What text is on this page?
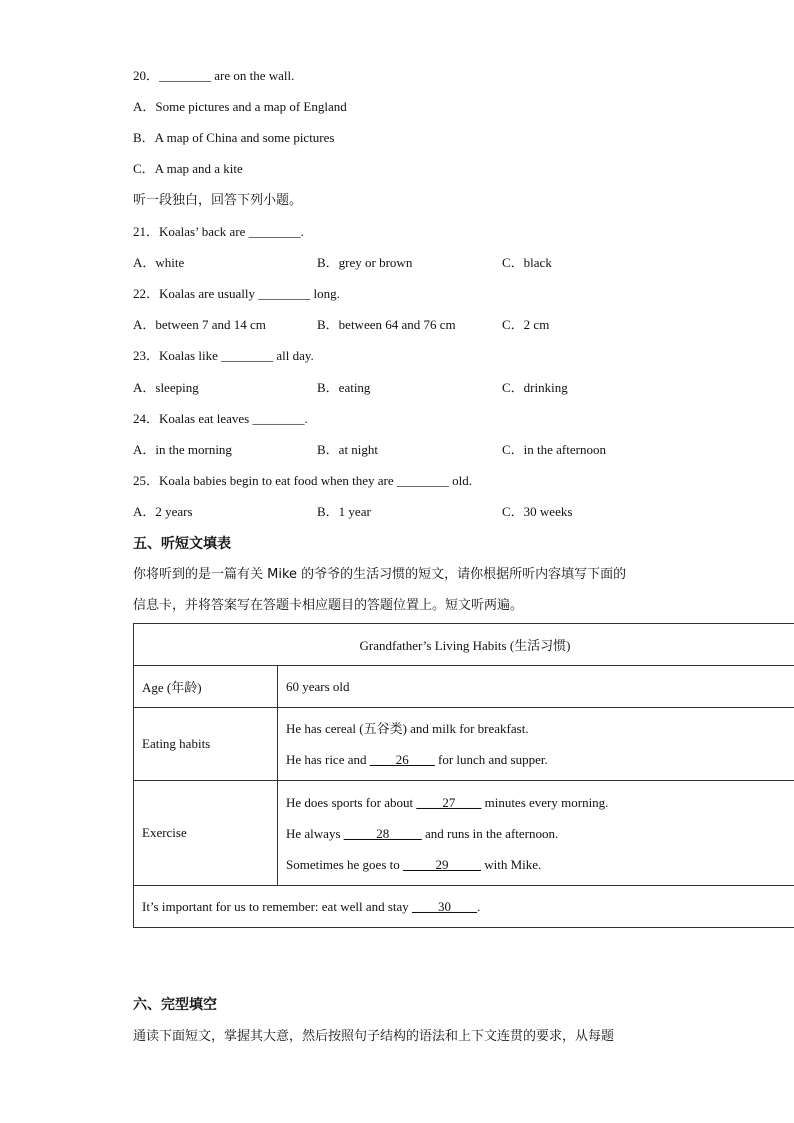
20．________ are on the wall.
A．Some pictures and a map of England
B．A map of China and some pictures
C．A map and a kite
听一段独白，回答下列小题。
21．Koalas’ back are ________.
A．white	B．grey or brown	C．black
22．Koalas are usually ________ long.
A．between 7 and 14 cm	B．between 64 and 76 cm	C．2 cm
23．Koalas like ________ all day.
A．sleeping	B．eating	C．drinking
24．Koalas eat leaves ________.
A．in the morning	B．at night	C．in the afternoon
25．Koala babies begin to eat food when they are ________ old.
A．2 years	B．1 year	C．30 weeks
五、听短文填表
你将听到的是一篇有关 Mike 的爷爷的生活习惯的短文，请你根据所听内容填写下面的
信息卡，并将答案写在答题卡相应题目的答题位置上。短文听两遍。
Grandfather’s Living Habits (生活习惯)	
Age (年龄)	60 years old
Eating habits	He has cereal (五谷类) and milk for breakfast.
He has rice and ____26____ for lunch and supper.

Exercise	He does sports for about ____27____ minutes every morning.
He always _____28_____ and runs in the afternoon.
Sometimes he goes to _____29_____ with Mike.

It’s important for us to remember: eat well and stay ____30____.	
六、完型填空
通读下面短文，掌握其大意，然后按照句子结构的语法和上下文连贯的要求，从每题
